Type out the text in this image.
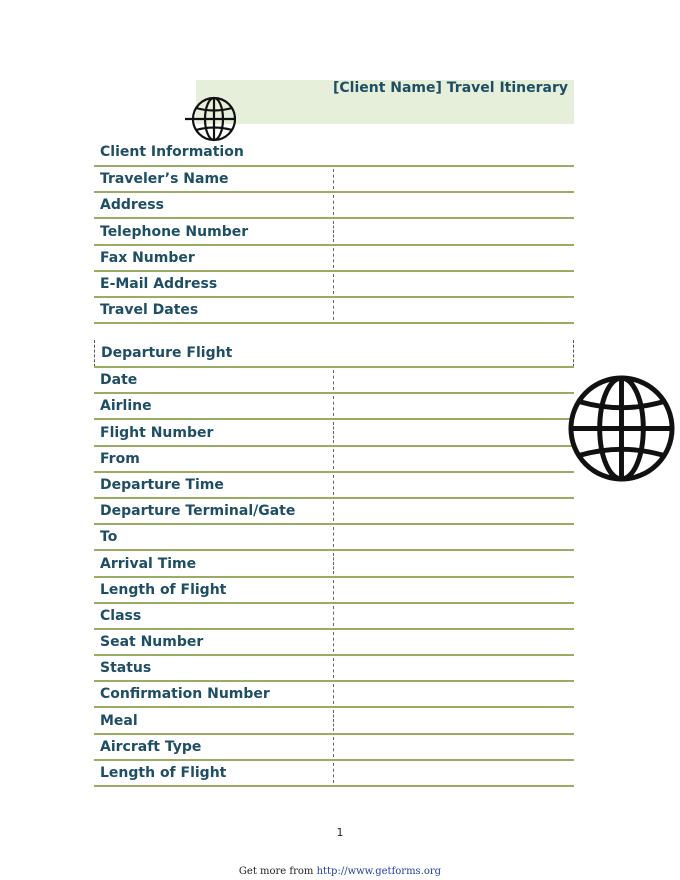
[Client Name] Travel Itinerary
Client Information
Traveler’s Name
Address
Telephone Number
Fax Number
E-Mail Address
Travel Dates
Departure Flight
Date
Airline
Flight Number
From
Departure Time
Departure Terminal/Gate
To
Arrival Time
Length of Flight
Class
Seat Number
Status
Confirmation Number
Meal
Aircraft Type
Length of Flight
1
Get more from http://www.getforms.org
